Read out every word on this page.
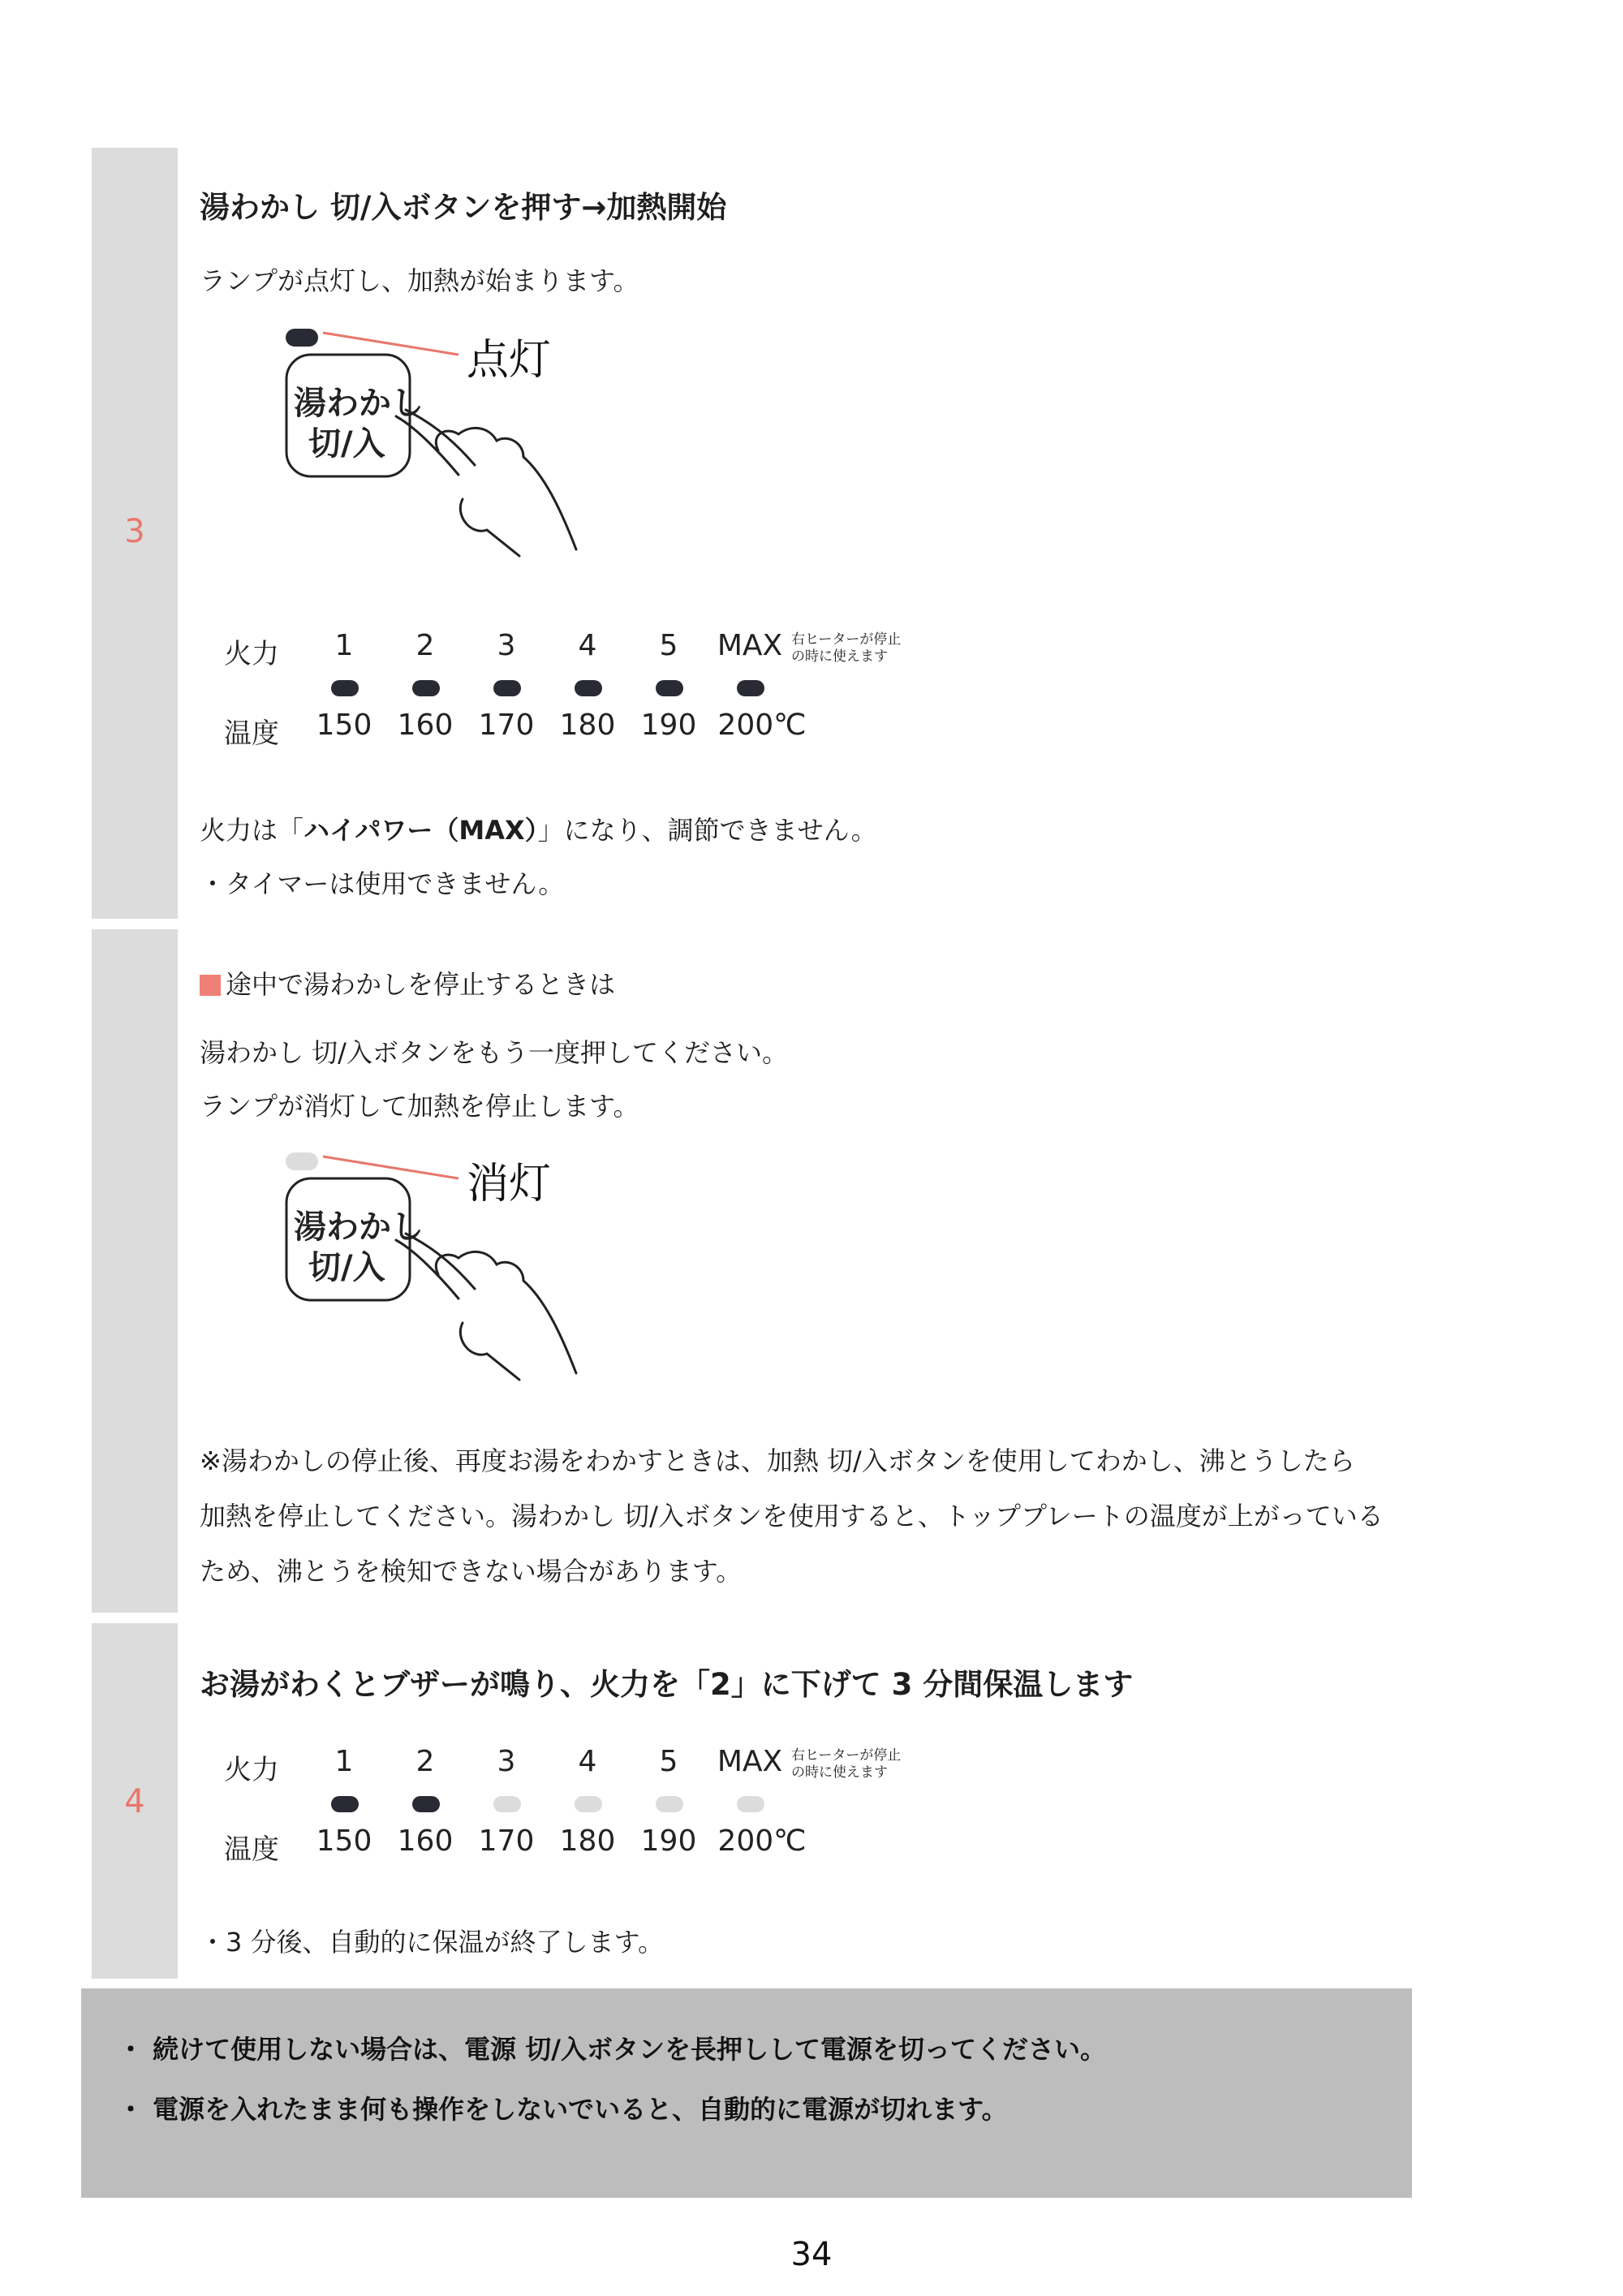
3
湯わかし 切/入ボタンを押す→加熱開始
ランプが点灯し、加熱が始まります。
湯わかし
切/入
点灯
火力	1	2	3	4	5	MAX 右ヒーターが停止
の時に使えます
温度	150 160 170 180 190 200℃
火力は「ハイパワー（MAX）」になり、調節できません。
・タイマーは使用できません。
途中で湯わかしを停止するときは
湯わかし 切/入ボタンをもう一度押してください。
ランプが消灯して加熱を停止します。
湯わかし
切/入
消灯
※湯わかしの停止後、再度お湯をわかすときは、加熱 切/入ボタンを使用してわかし、沸とうしたら
加熱を停止してください。湯わかし 切/入ボタンを使用すると、トッププレートの温度が上がっている
ため、沸とうを検知できない場合があります。
4
お湯がわくとブザーが鳴り、火力を「2」に下げて 3 分間保温します
火力	1	2	3	4	5	MAX 右ヒーターが停止
の時に使えます
温度	150 160 170 180 190 200℃
・3 分後、自動的に保温が終了します。
・ 続けて使用しない場合は、電源 切/入ボタンを長押しして電源を切ってください。
・ 電源を入れたまま何も操作をしないでいると、自動的に電源が切れます。
34
